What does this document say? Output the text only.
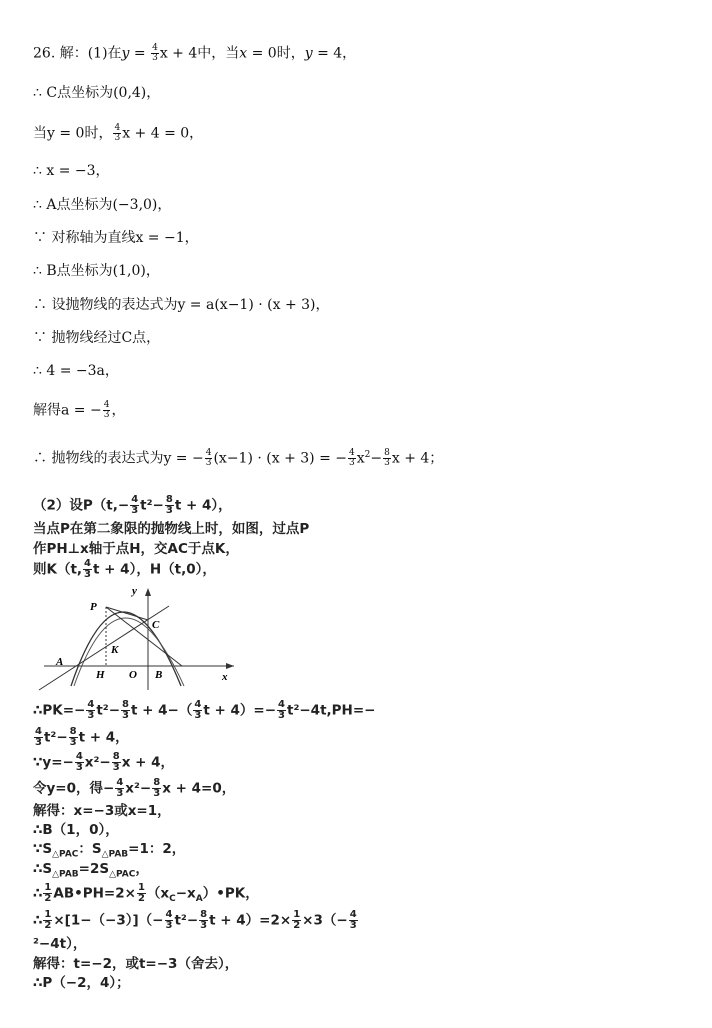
26. 解：(1)在$y = \frac{4}{3}$ x + 4中，当x = 0时，y = 4，
∴ C点坐标为(0,4)，
当y = 0时， $\frac{4}{3}$ x + 4 = 0，
∴ x = −3，
∴ A点坐标为(−3,0)，
∵ 对称轴为直线x = −1，
∴ B点坐标为(1,0)，
∴ 设抛物线的表达式为y = a(x−1) · (x + 3)，
∵ 抛物线经过C点，
∴ 4 = −3a，
解得a = − $\frac{4}{3}$ ，
∴ 抛物线的表达式为y = − $\frac{4}{3} (x-1) \cdot (x + 3)$ = − $\frac{4}{3} x^2- \frac{8}{3}$ x + 4；
（2）设$P(t,- \frac{4}{3} t^2- \frac{8}{3}$ t + 4），
当点P在第二象限的抛物线上时，如图，过点P
作PH⊥x轴于点H，交AC于点K，
则K（t, $\frac{4}{3}$ t + 4），H（t,0），
P
C
K
A
H O B	x
y
∴PK=− $\frac{4}{3} t^2- \frac{8}{3}$ $t + 4-( \frac{4}{3}$ $t + 4)=- \frac{4}{3} t^2-4t,PH=-$
$\frac{4}{3} t^2- \frac{8}{3}$ t + 4，
∵y=− $\frac{4}{3} x^2- \frac{8}{3}$ x + 4，
令y=0，得− $\frac{4}{3} x^2- \frac{8}{3}$ x + 4=0，
解得：x=−3或x=1，
∴B（1，0），
$\because S_{\triangle PAC}$：$S_{\triangle PAB}=1$：2，
$\therefore S_{\triangle PAB}=2S_{\triangle PAC}$，
∴ $\frac{1}{2}$ AB•PH=2× $\frac{1}{2}$ $(x_C-x_A)•PK$，
∴ $\frac{1}{2} \times[1-(-3)](- \frac{4}{3} t^2- \frac{8}{3}$ $t + 4)=2\times \frac{1}{2} \times 3(- \frac{4}{3}$
²−4t），
解得：t=−2，或t=−3（舍去），
∴P（−2，4）；
